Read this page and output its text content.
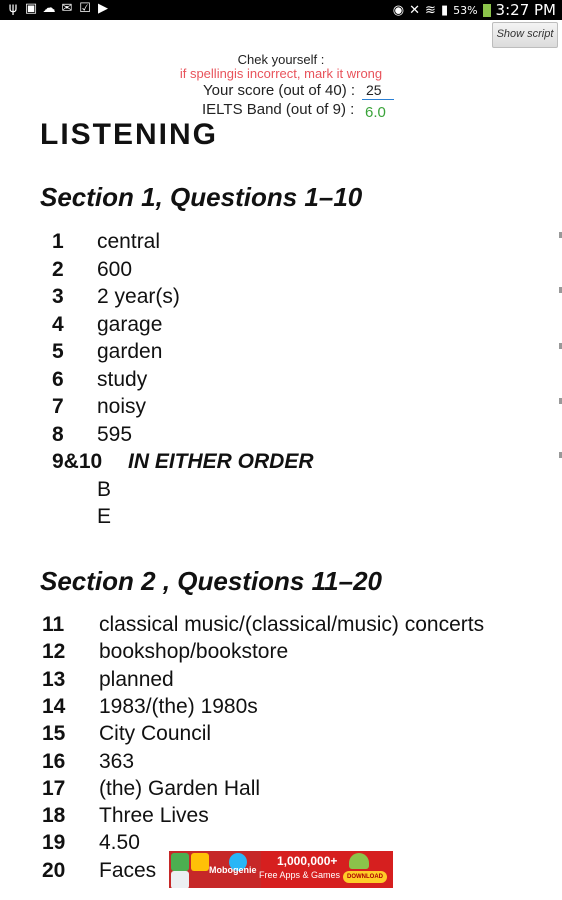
ψ ▣ ☁ ✉ ☑ ▶	◉ ✕ ≋ ▮ 53% 3:27 PM
Show script
Chek yourself :
if spellingis incorrect, mark it wrong
Your score (out of 40) :
25
IELTS Band (out of 9) : 6.0
LISTENING
Section 1, Questions 1–10
1 central
2 600
3 2 year(s)
4 garage
5 garden
6 study
7 noisy
8 595
9&10 IN EITHER ORDER
B
E
Section 2 , Questions 11–20
11 classical music/(classical/music) concerts
12 bookshop/bookstore
13 planned
14 1983/(the) 1980s
15 City Council
16 363
17 (the) Garden Hall
18 Three Lives
19 4.50
20 Faces	Mobogenie
1,000,000+
Free Apps & Games	DOWNLOAD
